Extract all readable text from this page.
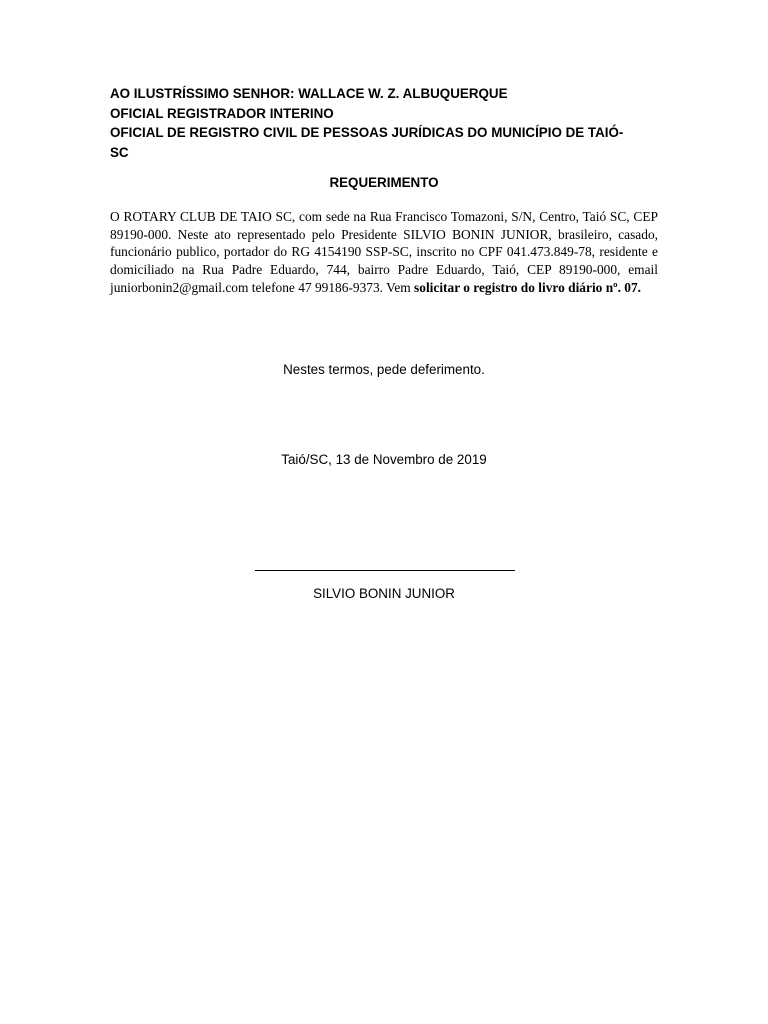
AO ILUSTRÍSSIMO SENHOR: WALLACE W. Z. ALBUQUERQUE
OFICIAL REGISTRADOR INTERINO
OFICIAL DE REGISTRO CIVIL DE PESSOAS JURÍDICAS DO MUNICÍPIO DE TAIÓ-
SC
REQUERIMENTO
O ROTARY CLUB DE TAIO SC, com sede na Rua Francisco Tomazoni, S/N, Centro, Taió SC, CEP 89190-000. Neste ato representado pelo Presidente SILVIO BONIN JUNIOR, brasileiro, casado, funcionário publico, portador do RG 4154190 SSP-SC, inscrito no CPF 041.473.849-78, residente e domiciliado na Rua Padre Eduardo, 744, bairro Padre Eduardo, Taió, CEP 89190-000, email juniorbonin2@gmail.com telefone 47 99186-9373. Vem solicitar o registro do livro diário nº. 07.
Nestes termos, pede deferimento.
Taió/SC, 13 de Novembro de 2019
SILVIO BONIN JUNIOR
